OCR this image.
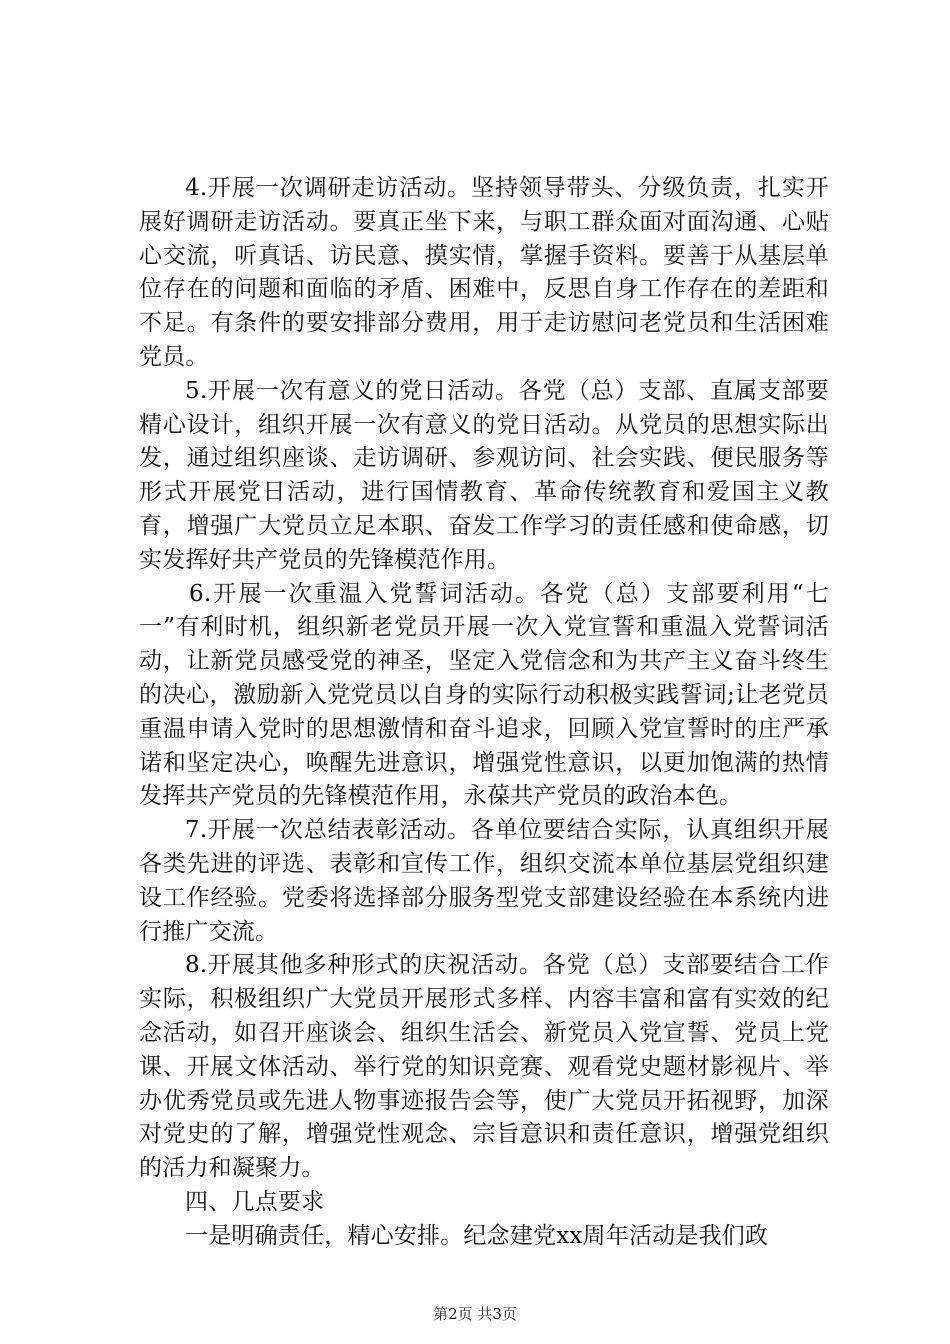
4.开展一次调研走访活动。坚持领导带头、分级负责，扎实开展好调研走访活动。要真正坐下来，与职工群众面对面沟通、心贴心交流，听真话、访民意、摸实情，掌握手资料。要善于从基层单位存在的问题和面临的矛盾、困难中，反思自身工作存在的差距和不足。有条件的要安排部分费用，用于走访慰问老党员和生活困难党员。

5.开展一次有意义的党日活动。各党（总）支部、直属支部要精心设计，组织开展一次有意义的党日活动。从党员的思想实际出发，通过组织座谈、走访调研、参观访问、社会实践、便民服务等形式开展党日活动，进行国情教育、革命传统教育和爱国主义教育，增强广大党员立足本职、奋发工作学习的责任感和使命感，切实发挥好共产党员的先锋模范作用。

6.开展一次重温入党誓词活动。各党（总）支部要利用“七一”有利时机，组织新老党员开展一次入党宣誓和重温入党誓词活动，让新党员感受党的神圣，坚定入党信念和为共产主义奋斗终生的决心，激励新入党党员以自身的实际行动积极实践誓词;让老党员重温申请入党时的思想激情和奋斗追求，回顾入党宣誓时的庄严承诺和坚定决心，唤醒先进意识，增强党性意识，以更加饱满的热情发挥共产党员的先锋模范作用，永葆共产党员的政治本色。

7.开展一次总结表彰活动。各单位要结合实际，认真组织开展各类先进的评选、表彰和宣传工作，组织交流本单位基层党组织建设工作经验。党委将选择部分服务型党支部建设经验在本系统内进行推广交流。

8.开展其他多种形式的庆祝活动。各党（总）支部要结合工作实际，积极组织广大党员开展形式多样、内容丰富和富有实效的纪念活动，如召开座谈会、组织生活会、新党员入党宣誓、党员上党课、开展文体活动、举行党的知识竞赛、观看党史题材影视片、举办优秀党员或先进人物事迹报告会等，使广大党员开拓视野，加深对党史的了解，增强党性观念、宗旨意识和责任意识，增强党组织的活力和凝聚力。

四、几点要求

一是明确责任，精心安排。纪念建党xx周年活动是我们政

第2页 共3页
